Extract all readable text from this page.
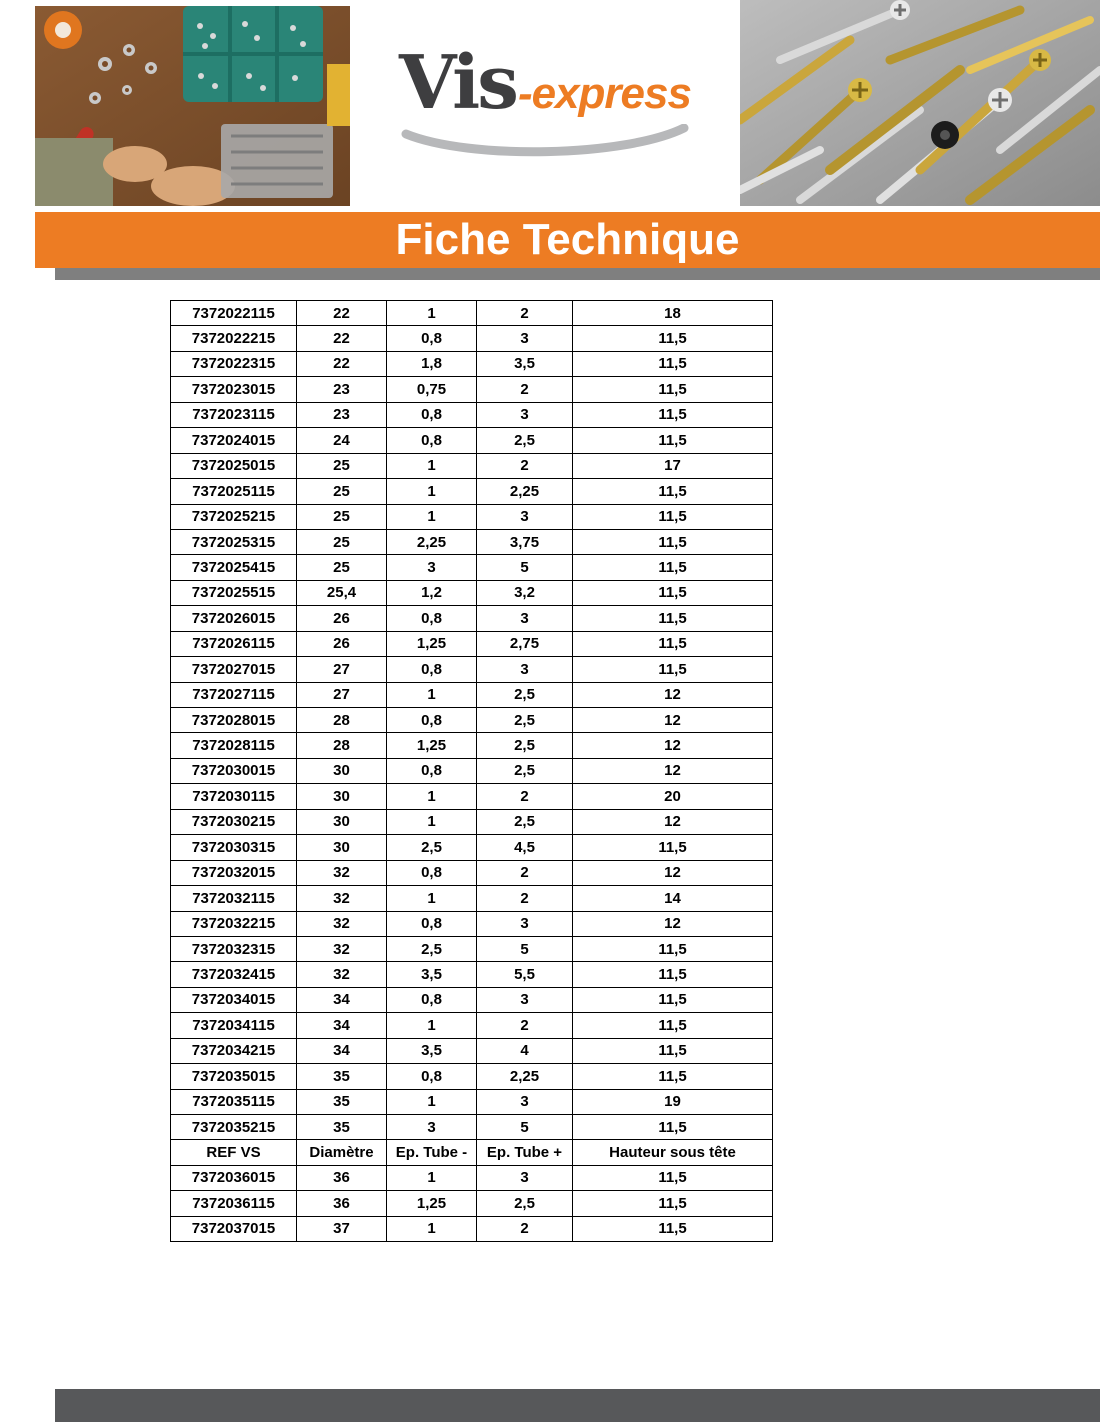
Vis -express
Fiche Technique
7372022115	22	1	2	18
7372022215	22	0,8	3	11,5
7372022315	22	1,8	3,5	11,5
7372023015	23	0,75	2	11,5
7372023115	23	0,8	3	11,5
7372024015	24	0,8	2,5	11,5
7372025015	25	1	2	17
7372025115	25	1	2,25	11,5
7372025215	25	1	3	11,5
7372025315	25	2,25	3,75	11,5
7372025415	25	3	5	11,5
7372025515	25,4	1,2	3,2	11,5
7372026015	26	0,8	3	11,5
7372026115	26	1,25	2,75	11,5
7372027015	27	0,8	3	11,5
7372027115	27	1	2,5	12
7372028015	28	0,8	2,5	12
7372028115	28	1,25	2,5	12
7372030015	30	0,8	2,5	12
7372030115	30	1	2	20
7372030215	30	1	2,5	12
7372030315	30	2,5	4,5	11,5
7372032015	32	0,8	2	12
7372032115	32	1	2	14
7372032215	32	0,8	3	12
7372032315	32	2,5	5	11,5
7372032415	32	3,5	5,5	11,5
7372034015	34	0,8	3	11,5
7372034115	34	1	2	11,5
7372034215	34	3,5	4	11,5
7372035015	35	0,8	2,25	11,5
7372035115	35	1	3	19
7372035215	35	3	5	11,5
REF VS	Diamètre	Ep. Tube -	Ep. Tube +	Hauteur sous tête
7372036015	36	1	3	11,5
7372036115	36	1,25	2,5	11,5
7372037015	37	1	2	11,5
